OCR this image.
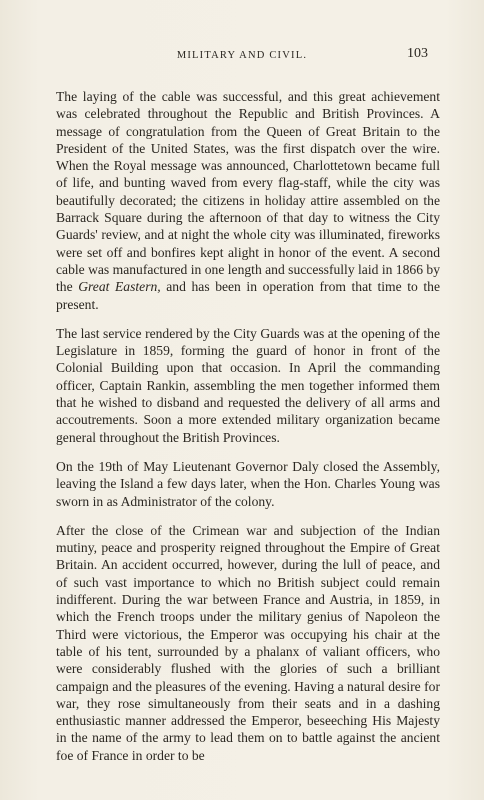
MILITARY AND CIVIL.	103

The laying of the cable was successful, and this great achievement was celebrated throughout the Republic and British Provinces. A message of congratulation from the Queen of Great Britain to the President of the United States, was the first dispatch over the wire. When the Royal message was announced, Charlottetown became full of life, and bunting waved from every flag-staff, while the city was beautifully decorated; the citizens in holiday attire assembled on the Barrack Square during the afternoon of that day to witness the City Guards' review, and at night the whole city was illuminated, fireworks were set off and bonfires kept alight in honor of the event. A second cable was manufactured in one length and successfully laid in 1866 by the Great Eastern, and has been in operation from that time to the present.

The last service rendered by the City Guards was at the opening of the Legislature in 1859, forming the guard of honor in front of the Colonial Building upon that occasion. In April the commanding officer, Captain Rankin, assembling the men together informed them that he wished to disband and requested the delivery of all arms and accoutrements. Soon a more extended military organization became general throughout the British Provinces.

On the 19th of May Lieutenant Governor Daly closed the Assembly, leaving the Island a few days later, when the Hon. Charles Young was sworn in as Administrator of the colony.

After the close of the Crimean war and subjection of the Indian mutiny, peace and prosperity reigned throughout the Empire of Great Britain. An accident occurred, however, during the lull of peace, and of such vast importance to which no British subject could remain indifferent. During the war between France and Austria, in 1859, in which the French troops under the military genius of Napoleon the Third were victorious, the Emperor was occupying his chair at the table of his tent, surrounded by a phalanx of valiant officers, who were considerably flushed with the glories of such a brilliant campaign and the pleasures of the evening. Having a natural desire for war, they rose simultaneously from their seats and in a dashing enthusiastic manner addressed the Emperor, beseeching His Majesty in the name of the army to lead them on to battle against the ancient foe of France in order to be
